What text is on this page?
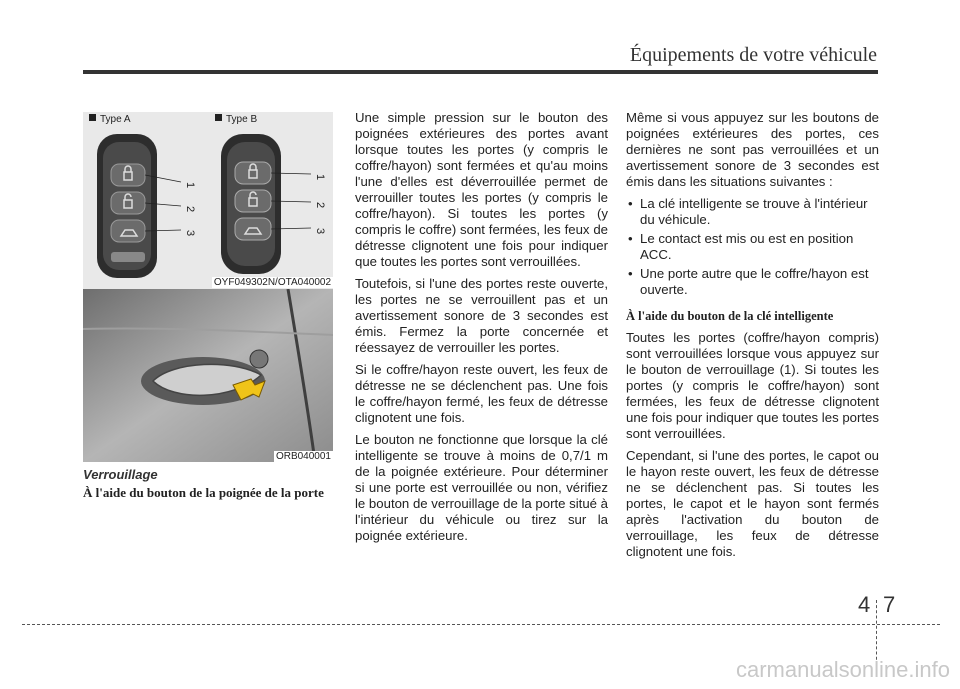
Équipements de votre véhicule
Type A
1
2
3
Type B
1
2
3
OYF049302N/OTA040002
ORB040001
Verrouillage
À l'aide du bouton de la poignée de la porte

Une simple pression sur le bouton des poignées extérieures des portes avant lorsque toutes les portes (y compris le coffre/hayon) sont fermées et qu'au moins l'une d'elles est déverrouillée permet de verrouiller toutes les portes (y compris le coffre/hayon). Si toutes les portes (y compris le coffre) sont fermées, les feux de détresse clignotent une fois pour indiquer que toutes les portes sont verrouillées.

Toutefois, si l'une des portes reste ouverte, les portes ne se verrouillent pas et un avertissement sonore de 3 secondes est émis. Fermez la porte concernée et réessayez de verrouiller les portes.

Si le coffre/hayon reste ouvert, les feux de détresse ne se déclenchent pas. Une fois le coffre/hayon fermé, les feux de détresse clignotent une fois.

Le bouton ne fonctionne que lorsque la clé intelligente se trouve à moins de 0,7/1 m de la poignée extérieure. Pour déterminer si une porte est verrouillée ou non, vérifiez le bouton de verrouillage de la porte situé à l'intérieur du véhicule ou tirez sur la poignée extérieure.

Même si vous appuyez sur les boutons de poignées extérieures des portes, ces dernières ne sont pas verrouillées et un avertissement sonore de 3 secondes est émis dans les situations suivantes :

• La clé intelligente se trouve à l'intérieur du véhicule.
• Le contact est mis ou est en position ACC.
• Une porte autre que le coffre/hayon est ouverte.
À l'aide du bouton de la clé intelligente

Toutes les portes (coffre/hayon compris) sont verrouillées lorsque vous appuyez sur le bouton de verrouillage (1). Si toutes les portes (y compris le coffre/hayon) sont fermées, les feux de détresse clignotent une fois pour indiquer que toutes les portes sont verrouillées.

Cependant, si l'une des portes, le capot ou le hayon reste ouvert, les feux de détresse ne se déclenchent pas. Si toutes les portes, le capot et le hayon sont fermés après l'activation du bouton de verrouillage, les feux de détresse clignotent une fois.

4 7
carmanualsonline.info
